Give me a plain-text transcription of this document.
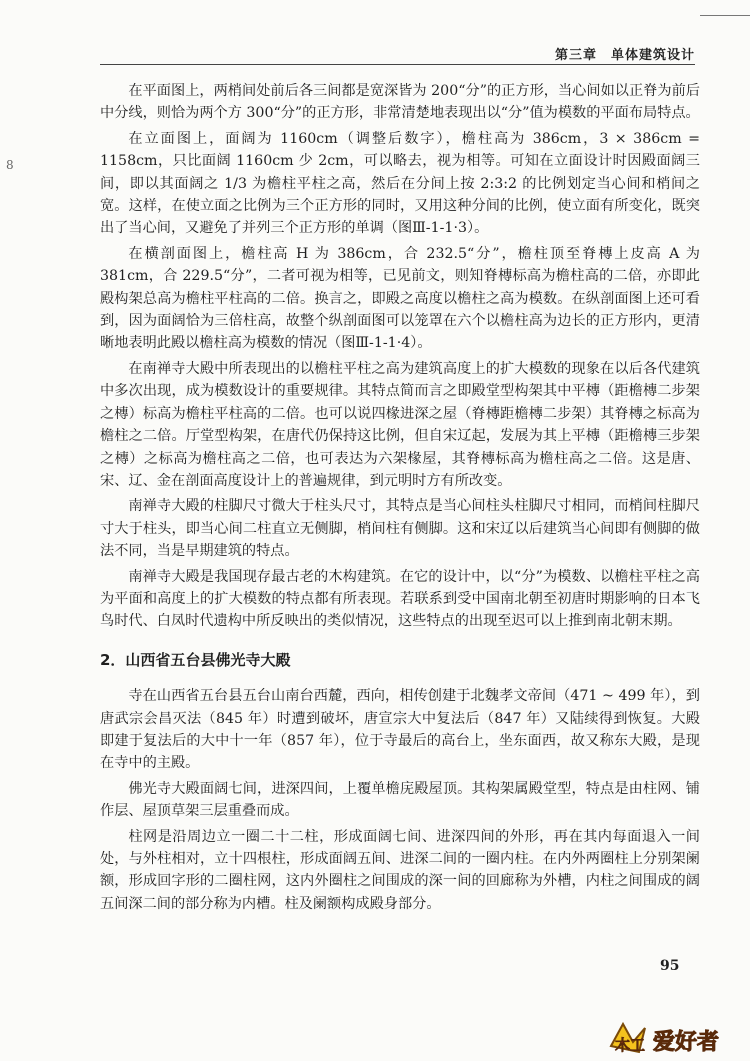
8
第三章　单体建筑设计

在平面图上，两梢间处前后各三间都是宽深皆为 200“分”的正方形，当心间如以正脊为前后中分线，则恰为两个方 300“分”的正方形，非常清楚地表现出以“分”值为模数的平面布局特点。

在立面图上，面阔为 1160cm（调整后数字），檐柱高为 386cm，3 × 386cm = 1158cm，只比面阔 1160cm 少 2cm，可以略去，视为相等。可知在立面设计时因殿面阔三间，即以其面阔之 1/3 为檐柱平柱之高，然后在分间上按 2:3:2 的比例划定当心间和梢间之宽。这样，在使立面之比例为三个正方形的同时，又用这种分间的比例，使立面有所变化，既突出了当心间，又避免了并列三个正方形的单调（图Ⅲ-1-1·3）。

在横剖面图上，檐柱高 H 为 386cm，合 232.5“分”，檐柱顶至脊槫上皮高 A 为 381cm，合 229.5“分”，二者可视为相等，已见前文，则知脊槫标高为檐柱高的二倍，亦即此殿构架总高为檐柱平柱高的二倍。换言之，即殿之高度以檐柱之高为模数。在纵剖面图上还可看到，因为面阔恰为三倍柱高，故整个纵剖面图可以笼罩在六个以檐柱高为边长的正方形内，更清晰地表明此殿以檐柱高为模数的情况（图Ⅲ-1-1·4）。

在南禅寺大殿中所表现出的以檐柱平柱之高为建筑高度上的扩大模数的现象在以后各代建筑中多次出现，成为模数设计的重要规律。其特点简而言之即殿堂型构架其中平槫（距檐槫二步架之槫）标高为檐柱平柱高的二倍。也可以说四椽进深之屋（脊槫距檐槫二步架）其脊槫之标高为檐柱之二倍。厅堂型构架，在唐代仍保持这比例，但自宋辽起，发展为其上平槫（距檐槫三步架之槫）之标高为檐柱高之二倍，也可表达为六架椽屋，其脊槫标高为檐柱高之二倍。这是唐、宋、辽、金在剖面高度设计上的普遍规律，到元明时方有所改变。

南禅寺大殿的柱脚尺寸微大于柱头尺寸，其特点是当心间柱头柱脚尺寸相同，而梢间柱脚尺寸大于柱头，即当心间二柱直立无侧脚，梢间柱有侧脚。这和宋辽以后建筑当心间即有侧脚的做法不同，当是早期建筑的特点。

南禅寺大殿是我国现存最古老的木构建筑。在它的设计中，以“分”为模数、以檐柱平柱之高为平面和高度上的扩大模数的特点都有所表现。若联系到受中国南北朝至初唐时期影响的日本飞鸟时代、白凤时代遗构中所反映出的类似情况，这些特点的出现至迟可以上推到南北朝末期。

2．山西省五台县佛光寺大殿

寺在山西省五台县五台山南台西麓，西向，相传创建于北魏孝文帝间（471 ~ 499 年），到唐武宗会昌灭法（845 年）时遭到破坏，唐宣宗大中复法后（847 年）又陆续得到恢复。大殿即建于复法后的大中十一年（857 年），位于寺最后的高台上，坐东面西，故又称东大殿，是现在寺中的主殿。

佛光寺大殿面阔七间，进深四间，上覆单檐庑殿屋顶。其构架属殿堂型，特点是由柱网、铺作层、屋顶草架三层重叠而成。

柱网是沿周边立一圈二十二柱，形成面阔七间、进深四间的外形，再在其内每面退入一间处，与外柱相对，立十四根柱，形成面阔五间、进深二间的一圈内柱。在内外两圈柱上分别架阑额，形成回字形的二圈柱网，这内外圈柱之间围成的深一间的回廊称为外槽，内柱之间围成的阔五间深二间的部分称为内槽。柱及阑额构成殿身部分。

95
木工 爱好者
